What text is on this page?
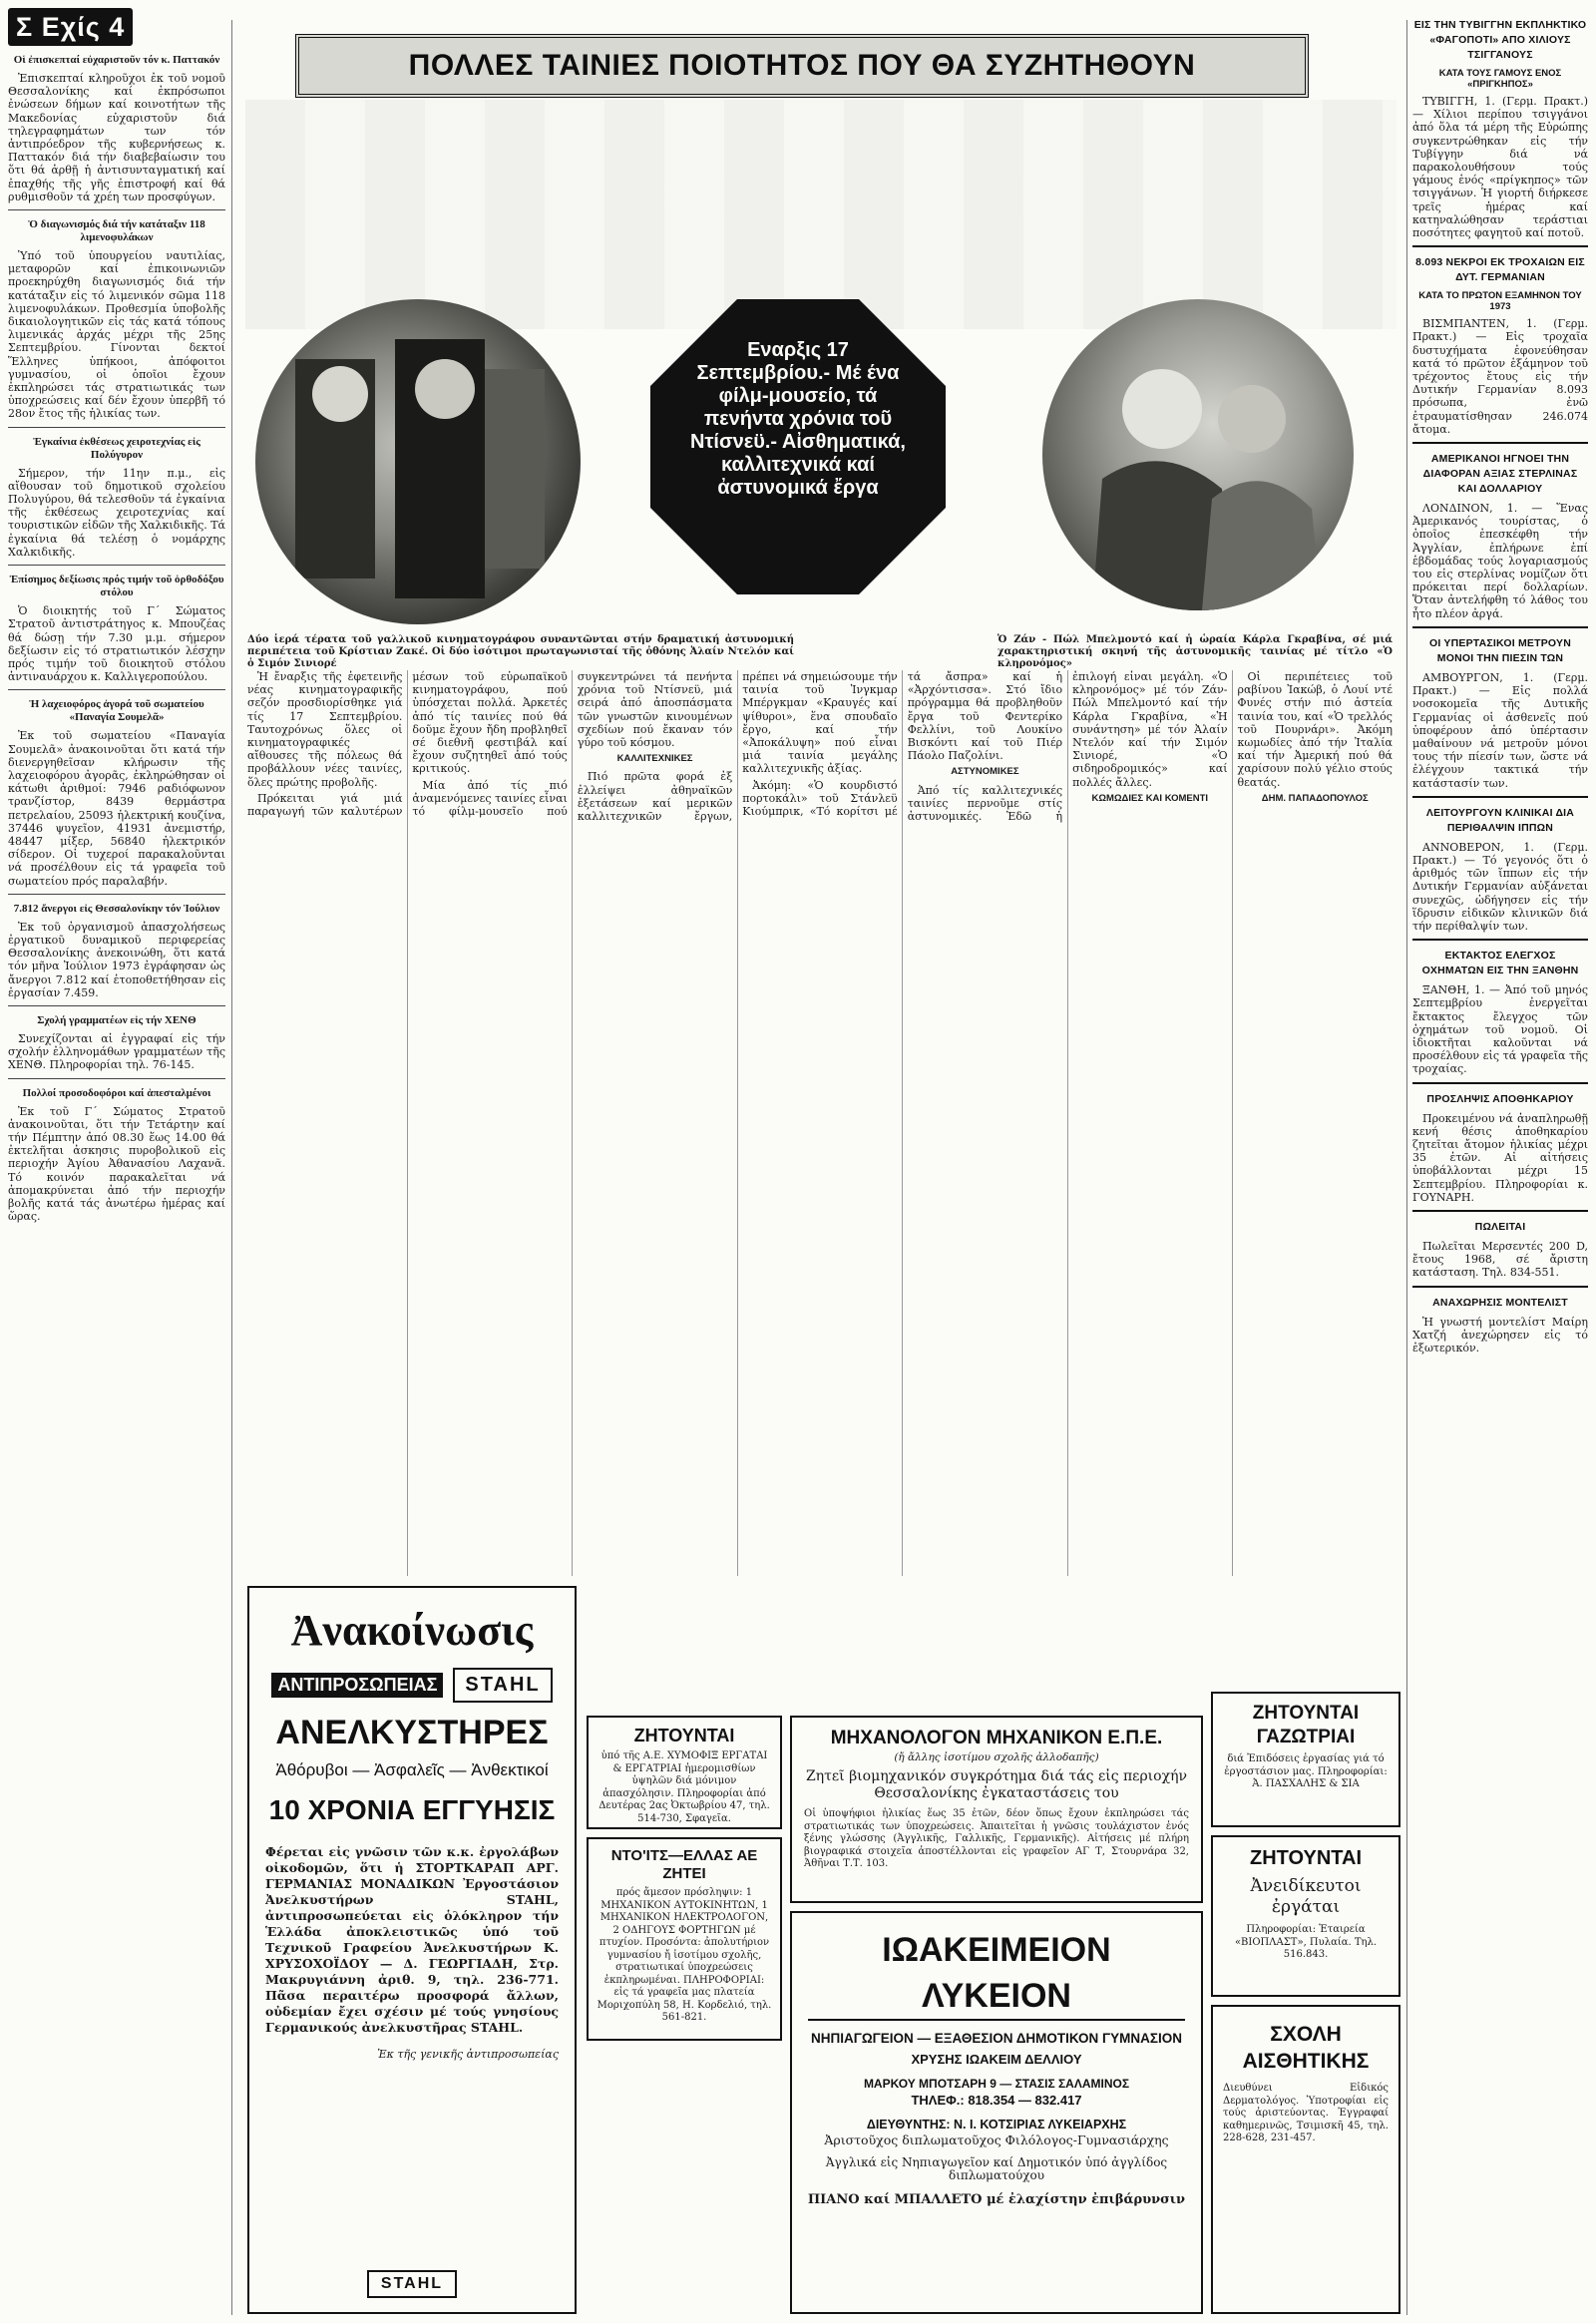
Σ Εχίς 4
Οἱ ἐπισκεπταί εὐχαριστοῦν τόν κ. Παττακόν

Ἐπισκεπταί κληροῦχοι ἐκ τοῦ νομοῦ Θεσσαλονίκης καί ἐκπρόσωποι ἐνώσεων δήμων καί κοινοτήτων τῆς Μακεδονίας εὐχαριστοῦν διά τηλεγραφημάτων των τόν ἀντιπρόεδρον τῆς κυβερνήσεως κ. Παττακόν διά τήν διαβεβαίωσιν του ὅτι θά ἀρθῇ ἡ ἀντισυνταγματική καί ἐπαχθής τῆς γῆς ἐπιστροφή καί θά ρυθμισθοῦν τά χρέη των προσφύγων.

Ὁ διαγωνισμός διά τήν κατάταξιν 118 λιμενοφυλάκων

Ὑπό τοῦ ὑπουργείου ναυτιλίας, μεταφορῶν καί ἐπικοινωνιῶν προεκηρύχθη διαγωνισμός διά τήν κατάταξιν εἰς τό λιμενικόν σῶμα 118 λιμενοφυλάκων. Προθεσμία ὑποβολῆς δικαιολογητικῶν εἰς τάς κατά τόπους λιμενικάς ἀρχάς μέχρι τῆς 25ης Σεπτεμβρίου. Γίνονται δεκτοί Ἕλληνες ὑπήκοοι, ἀπόφοιτοι γυμνασίου, οἱ ὁποῖοι ἔχουν ἐκπληρώσει τάς στρατιωτικάς των ὑποχρεώσεις καί δέν ἔχουν ὑπερβῆ τό 28ον ἔτος τῆς ἡλικίας των.

Ἐγκαίνια ἐκθέσεως χειροτεχνίας εἰς Πολύγυρον

Σήμερον, τήν 11ην π.μ., εἰς αἴθουσαν τοῦ δημοτικοῦ σχολείου Πολυγύρου, θά τελεσθοῦν τά ἐγκαίνια τῆς ἐκθέσεως χειροτεχνίας καί τουριστικῶν εἰδῶν τῆς Χαλκιδικῆς. Τά ἐγκαίνια θά τελέσῃ ὁ νομάρχης Χαλκιδικῆς.

Ἐπίσημος δεξίωσις πρός τιμήν τοῦ ὀρθοδόξου στόλου

Ὁ διοικητής τοῦ Γ΄ Σώματος Στρατοῦ ἀντιστράτηγος κ. Μπουζέας θά δώσῃ τήν 7.30 μ.μ. σήμερον δεξίωσιν εἰς τό στρατιωτικόν λέσχην πρός τιμήν τοῦ διοικητοῦ στόλου ἀντιναυάρχου κ. Καλλιγεροπούλου.

Ἡ λαχειοφόρος ἀγορά τοῦ σωματείου «Παναγία Σουμελᾶ»

Ἐκ τοῦ σωματείου «Παναγία Σουμελᾶ» ἀνακοινοῦται ὅτι κατά τήν διενεργηθεῖσαν κλήρωσιν τῆς λαχειοφόρου ἀγορᾶς, ἐκληρώθησαν οἱ κάτωθι ἀριθμοί: 7946 ραδιόφωνον τρανζίστορ, 8439 θερμάστρα πετρελαίου, 25093 ἠλεκτρική κουζίνα, 37446 ψυγεῖον, 41931 ἀνεμιστήρ, 48447 μίξερ, 56840 ἠλεκτρικόν σίδερον. Οἱ τυχεροί παρακαλοῦνται νά προσέλθουν εἰς τά γραφεῖα τοῦ σωματείου πρός παραλαβήν.

7.812 ἄνεργοι εἰς Θεσσαλονίκην τόν Ἰούλιον

Ἐκ τοῦ ὀργανισμοῦ ἀπασχολήσεως ἐργατικοῦ δυναμικοῦ περιφερείας Θεσσαλονίκης ἀνεκοινώθη, ὅτι κατά τόν μῆνα Ἰούλιον 1973 ἐγράφησαν ὡς ἄνεργοι 7.812 καί ἐτοποθετήθησαν εἰς ἐργασίαν 7.459.

Σχολή γραμματέων εἰς τήν ΧΕΝΘ

Συνεχίζονται αἱ ἐγγραφαί εἰς τήν σχολήν ἐλληνομάθων γραμματέων τῆς ΧΕΝΘ. Πληροφορίαι τηλ. 76-145.

Πολλοί προσοδοφόροι καί ἀπεσταλμένοι

Ἐκ τοῦ Γ΄ Σώματος Στρατοῦ ἀνακοινοῦται, ὅτι τήν Τετάρτην καί τήν Πέμπτην ἀπό 08.30 ἕως 14.00 θά ἐκτελῆται ἀσκησις πυροβολικοῦ εἰς περιοχήν Ἀγίου Ἀθανασίου Λαχανᾶ. Τό κοινόν παρακαλεῖται νά ἀπομακρύνεται ἀπό τήν περιοχήν βολῆς κατά τάς ἀνωτέρω ἡμέρας καί ὥρας.

ΠΟΛΛΕΣ ΤΑΙΝΙΕΣ ΠΟΙΟΤΗΤΟΣ ΠΟΥ ΘΑ ΣΥΖΗΤΗΘΟΥΝ
Εναρξις 17 Σεπτεμβρίου.- Μέ ένα φίλμ-μουσείο, τά πενήντα χρόνια τοῦ Ντίσνεϋ.- Αἰσθηματικά, καλλιτεχνικά καί ἀστυνομικά ἔργα
Δύο ἱερά τέρατα τοῦ γαλλικοῦ κινηματογράφου συναντῶνται στήν δραματική ἀστυνομική περιπέτεια τοῦ Κρίστιαν Ζακέ. Οἱ δύο ἰσότιμοι πρωταγωνισταί τῆς ὀθόνης Ἀλαίν Ντελόν καί ὁ Σιμόν Σινιορέ
Ὁ Ζάν - Πώλ Μπελμοντό καί ἡ ὡραία Κάρλα Γκραβίνα, σέ μιά χαρακτηριστική σκηνή τῆς ἀστυνομικῆς ταινίας μέ τίτλο «Ὁ κληρονόμος»

Ἡ ἔναρξις τῆς ἐφετεινῆς νέας κινηματογραφικῆς σεζόν προσδιορίσθηκε γιά τίς 17 Σεπτεμβρίου. Ταυτοχρόνως ὅλες οἱ κινηματογραφικές αἴθουσες τῆς πόλεως θά προβάλλουν νέες ταινίες, ὅλες πρώτης προβολῆς.

Πρόκειται γιά μιά παραγωγή τῶν καλυτέρων μέσων τοῦ εὐρωπαϊκοῦ κινηματογράφου, πού ὑπόσχεται πολλά. Ἀρκετές ἀπό τίς ταινίες πού θά δοῦμε ἔχουν ἤδη προβληθεῖ σέ διεθνῆ φεστιβάλ καί ἔχουν συζητηθεῖ ἀπό τούς κριτικούς.

Μία ἀπό τίς πιό ἀναμενόμενες ταινίες εἶναι τό φίλμ-μουσεῖο πού συγκεντρώνει τά πενήντα χρόνια τοῦ Ντίσνεϋ, μιά σειρά ἀπό ἀποσπάσματα τῶν γνωστῶν κινουμένων σχεδίων πού ἔκαναν τόν γύρο τοῦ κόσμου.

ΚΑΛΛΙΤΕΧΝΙΚΕΣ

Πιό πρῶτα φορά ἐξ ἐλλείψει ἀθηναϊκῶν ἐξετάσεων καί μερικῶν καλλιτεχνικῶν ἔργων, πρέπει νά σημειώσουμε τήν ταινία τοῦ Ἰνγκμαρ Μπέργκμαν «Κραυγές καί ψίθυροι», ἕνα σπουδαῖο ἔργο, καί τήν «Ἀποκάλυψη» πού εἶναι μιά ταινία μεγάλης καλλιτεχνικῆς ἀξίας.

Ἀκόμη: «Ὁ κουρδιστό πορτοκάλι» τοῦ Στάνλεϋ Κιούμπρικ, «Τό κορίτσι μέ τά ἄσπρα» καί ἡ «Ἀρχόντισσα». Στό ἴδιο πρόγραμμα θά προβληθοῦν ἔργα τοῦ Φεντερίκο Φελλίνι, τοῦ Λουκίνο Βισκόντι καί τοῦ Πιέρ Πάολο Παζολίνι.

ΑΣΤΥΝΟΜΙΚΕΣ

Ἀπό τίς καλλιτεχνικές ταινίες περνοῦμε στίς ἀστυνομικές. Ἐδῶ ἡ ἐπιλογή εἶναι μεγάλη. «Ὁ κληρονόμος» μέ τόν Ζάν-Πώλ Μπελμοντό καί τήν Κάρλα Γκραβίνα, «Ἡ συνάντηση» μέ τόν Ἀλαίν Ντελόν καί τήν Σιμόν Σινιορέ, «Ὁ σιδηροδρομικός» καί πολλές ἄλλες.

ΚΩΜΩΔΙΕΣ ΚΑΙ ΚΟΜΕΝΤΙ

Οἱ περιπέτειες τοῦ ραβίνου Ἰακώβ, ὁ Λουί ντέ Φυνές στήν πιό ἀστεία ταινία του, καί «Ὁ τρελλός τοῦ Πουρνάρι». Ἀκόμη κωμωδίες ἀπό τήν Ἰταλία καί τήν Ἀμερική πού θά χαρίσουν πολύ γέλιο στούς θεατάς.

ΔΗΜ. ΠΑΠΑΔΟΠΟΥΛΟΣ
Ἀνακοίνωσις
ΑΝΤΙΠΡΟΣΩΠΕΙΑΣ	STAHL
ΑΝΕΛΚΥΣΤΗΡΕΣ
Ἀθόρυβοι — Ἀσφαλεῖς — Ἀνθεκτικοί
10 ΧΡΟΝΙΑ ΕΓΓΥΗΣΙΣ
Φέρεται εἰς γνῶσιν τῶν κ.κ. ἐργολάβων οἰκοδομῶν, ὅτι ἡ ΣΤΟΡΤΚΑΡΑΠ ΑΡΓ. ΓΕΡΜΑΝΙΑΣ ΜΟΝΑΔΙΚΩΝ Ἐργοστάσιον Ἀνελκυστήρων STAHL, ἀντιπροσωπεύεται εἰς ὁλόκληρον τήν Ἑλλάδα ἀποκλειστικῶς ὑπό τοῦ Τεχνικοῦ Γραφείου Ἀνελκυστήρων Κ. ΧΡΥΣΟΧΟΪΔΟΥ — Δ. ΓΕΩΡΓΙΑΔΗ, Στρ. Μακρυγιάννη ἀριθ. 9, τηλ. 236-771. Πᾶσα περαιτέρω προσφορά ἄλλων, οὐδεμίαν ἔχει σχέσιν μέ τούς γνησίους Γερμανικούς ἀνελκυστῆρας STAHL.
Ἐκ τῆς γενικῆς ἀντιπροσωπείας
STAHL
ΖΗΤΟΥΝΤΑΙ
ὑπό τῆς Α.Ε. ΧΥΜΟΦΙΞ ΕΡΓΑΤΑΙ & ΕΡΓΑΤΡΙΑΙ ἡμερομισθίων ὑψηλῶν διά μόνιμον ἀπασχόλησιν. Πληροφορίαι ἀπό Δευτέρας 2ας Ὀκτωβρίου 47, τηλ. 514-730, Σφαγεῖα.
ΝΤΟ'ΙΤΣ—ΕΛΛΑΣ ΑΕ ΖΗΤΕΙ
πρός ἄμεσον πρόσληψιν: 1 ΜΗΧΑΝΙΚΟΝ ΑΥΤΟΚΙΝΗΤΩΝ, 1 ΜΗΧΑΝΙΚΟΝ ΗΛΕΚΤΡΟΛΟΓΟΝ, 2 ΟΔΗΓΟΥΣ ΦΟΡΤΗΓΩΝ μέ πτυχίον. Προσόντα: ἀπολυτήριον γυμνασίου ἤ ἰσοτίμου σχολῆς, στρατιωτικαί ὑποχρεώσεις ἐκπληρωμέναι. ΠΛΗΡΟΦΟΡΙΑΙ: εἰς τά γραφεῖα μας πλατεία Μοριχοπύλη 58, Η. Κορδελιό, τηλ. 561-821.
ΜΗΧΑΝΟΛΟΓΟΝ ΜΗΧΑΝΙΚΟΝ Ε.Π.Ε.
(ἤ ἄλλης ἰσοτίμου σχολῆς ἀλλοδαπῆς)
Ζητεῖ βιομηχανικόν συγκρότημα διά τάς εἰς περιοχήν Θεσσαλονίκης ἐγκαταστάσεις του
Οἱ ὑποψήφιοι ἡλικίας ἕως 35 ἐτῶν, δέον ὅπως ἔχουν ἐκπληρώσει τάς στρατιωτικάς των ὑποχρεώσεις. Ἀπαιτεῖται ἡ γνῶσις τουλάχιστον ἑνός ξένης γλώσσης (Ἀγγλικῆς, Γαλλικῆς, Γερμανικῆς). Αἰτήσεις μέ πλήρη βιογραφικά στοιχεῖα ἀποστέλλονται εἰς γραφεῖον ΑΓ Τ, Στουρνάρα 32, Ἀθῆναι Τ.Τ. 103.
ΙΩΑΚΕΙΜΕΙΟΝ ΛΥΚΕΙΟΝ
ΝΗΠΙΑΓΩΓΕΙΟΝ — ΕΞΑΘΕΣΙΟΝ ΔΗΜΟΤΙΚΟΝ ΓΥΜΝΑΣΙΟΝ
ΧΡΥΣΗΣ ΙΩΑΚΕΙΜ ΔΕΛΛΙΟΥ
ΜΑΡΚΟΥ ΜΠΟΤΣΑΡΗ 9 — ΣΤΑΣΙΣ ΣΑΛΑΜΙΝΟΣ
ΤΗΛΕΦ.: 818.354 — 832.417
ΔΙΕΥΘΥΝΤΗΣ: Ν. Ι. ΚΟΤΣΙΡΙΑΣ ΛΥΚΕΙΑΡΧΗΣ
Ἀριστοῦχος διπλωματοῦχος Φιλόλογος-Γυμνασιάρχης
Ἀγγλικά εἰς Νηπιαγωγεῖον καί Δημοτικόν ὑπό ἀγγλίδος διπλωματούχου
ΠΙΑΝΟ καί ΜΠΑΛΛΕΤΟ μέ ἐλαχίστην ἐπιβάρυνσιν
ΖΗΤΟΥΝΤΑΙ ΓΑΖΩΤΡΙΑΙ
διά Ἐπιδόσεις ἐργασίας γιά τό ἐργοστάσιον μας. Πληροφορίαι: Ἀ. ΠΑΣΧΑΛΗΣ & ΣΙΑ
ΖΗΤΟΥΝΤΑΙ
Ἀνειδίκευτοι ἐργάται
Πληροφορίαι: Ἑταιρεία «ΒΙΟΠΛΑΣΤ», Πυλαία. Τηλ. 516.843.
ΣΧΟΛΗ ΑΙΣΘΗΤΙΚΗΣ
Διευθύνει Εἰδικός Δερματολόγος. Ὑποτροφίαι εἰς τούς ἀριστεύοντας. Ἐγγραφαί καθημερινῶς, Τσιμισκῆ 45, τηλ. 228-628, 231-457.
ΕΙΣ ΤΗΝ ΤΥΒΙΓΓΗΝ ΕΚΠΛΗΚΤΙΚΟ «ΦΑΓΟΠΟΤΙ» ΑΠΟ ΧΙΛΙΟΥΣ ΤΣΙΓΓΑΝΟΥΣ
ΚΑΤΑ ΤΟΥΣ ΓΑΜΟΥΣ ΕΝΟΣ «ΠΡΙΓΚΗΠΟΣ»

ΤΥΒΙΓΓΗ, 1. (Γερμ. Πρακτ.) — Χίλιοι περίπου τσιγγάνοι ἀπό ὅλα τά μέρη τῆς Εὐρώπης συγκεντρώθηκαν εἰς τήν Τυβίγγην διά νά παρακολουθήσουν τούς γάμους ἑνός «πρίγκηπος» τῶν τσιγγάνων. Ἡ γιορτή διήρκεσε τρεῖς ἡμέρας καί κατηναλώθησαν τεράστιαι ποσότητες φαγητοῦ καί ποτοῦ.

8.093 ΝΕΚΡΟΙ ΕΚ ΤΡΟΧΑΙΩΝ ΕΙΣ ΔΥΤ. ΓΕΡΜΑΝΙΑΝ
ΚΑΤΑ ΤΟ ΠΡΩΤΟΝ ΕΞΑΜΗΝΟΝ ΤΟΥ 1973

ΒΙΣΜΠΑΝΤΕΝ, 1. (Γερμ. Πρακτ.) — Εἰς τροχαῖα δυστυχήματα ἐφονεύθησαν κατά τό πρῶτον ἑξάμηνον τοῦ τρέχοντος ἔτους εἰς τήν Δυτικήν Γερμανίαν 8.093 πρόσωπα, ἐνῶ ἐτραυματίσθησαν 246.074 ἄτομα.

ΑΜΕΡΙΚΑΝΟΙ ΗΓΝΟΕΙ ΤΗΝ ΔΙΑΦΟΡΑΝ ΑΞΙΑΣ ΣΤΕΡΛΙΝΑΣ ΚΑΙ ΔΟΛΛΑΡΙΟΥ

ΛΟΝΔΙΝΟΝ, 1. — Ἕνας Ἀμερικανός τουρίστας, ὁ ὁποῖος ἐπεσκέφθη τήν Ἀγγλίαν, ἐπλήρωνε ἐπί ἑβδομάδας τούς λογαριασμούς του εἰς στερλίνας νομίζων ὅτι πρόκειται περί δολλαρίων. Ὅταν ἀντελήφθη τό λάθος του ἦτο πλέον ἀργά.

ΟΙ ΥΠΕΡΤΑΣΙΚΟΙ ΜΕΤΡΟΥΝ ΜΟΝΟΙ ΤΗΝ ΠΙΕΣΙΝ ΤΩΝ

ΑΜΒΟΥΡΓΟΝ, 1. (Γερμ. Πρακτ.) — Εἰς πολλά νοσοκομεῖα τῆς Δυτικῆς Γερμανίας οἱ ἀσθενεῖς πού ὑποφέρουν ἀπό ὑπέρτασιν μαθαίνουν νά μετροῦν μόνοι τους τήν πίεσίν των, ὥστε νά ἐλέγχουν τακτικά τήν κατάστασίν των.

ΛΕΙΤΟΥΡΓΟΥΝ ΚΛΙΝΙΚΑΙ ΔΙΑ ΠΕΡΙΘΑΛΨΙΝ ΙΠΠΩΝ

ΑΝΝΟΒΕΡΟΝ, 1. (Γερμ. Πρακτ.) — Τό γεγονός ὅτι ὁ ἀριθμός τῶν ἵππων εἰς τήν Δυτικήν Γερμανίαν αὐξάνεται συνεχῶς, ὡδήγησεν εἰς τήν ἵδρυσιν εἰδικῶν κλινικῶν διά τήν περίθαλψίν των.

ΕΚΤΑΚΤΟΣ ΕΛΕΓΧΟΣ ΟΧΗΜΑΤΩΝ ΕΙΣ ΤΗΝ ΞΑΝΘΗΝ

ΞΑΝΘΗ, 1. — Ἀπό τοῦ μηνός Σεπτεμβρίου ἐνεργεῖται ἔκτακτος ἔλεγχος τῶν ὀχημάτων τοῦ νομοῦ. Οἱ ἰδιοκτῆται καλοῦνται νά προσέλθουν εἰς τά γραφεῖα τῆς τροχαίας.

ΠΡΟΣΛΗΨΙΣ ΑΠΟΘΗΚΑΡΙΟΥ

Προκειμένου νά ἀναπληρωθῇ κενή θέσις ἀποθηκαρίου ζητεῖται ἄτομον ἡλικίας μέχρι 35 ἐτῶν. Αἱ αἰτήσεις ὑποβάλλονται μέχρι 15 Σεπτεμβρίου. Πληροφορίαι κ. ΓΟΥΝΑΡΗ.

ΠΩΛΕΙΤΑΙ

Πωλεῖται Μερσεντές 200 D, ἔτους 1968, σέ ἄριστη κατάσταση. Τηλ. 834-551.

ΑΝΑΧΩΡΗΣΙΣ ΜΟΝΤΕΛΙΣΤ

Ἡ γνωστή μοντελίστ Μαίρη Χατζή ἀνεχώρησεν εἰς τό ἐξωτερικόν.
